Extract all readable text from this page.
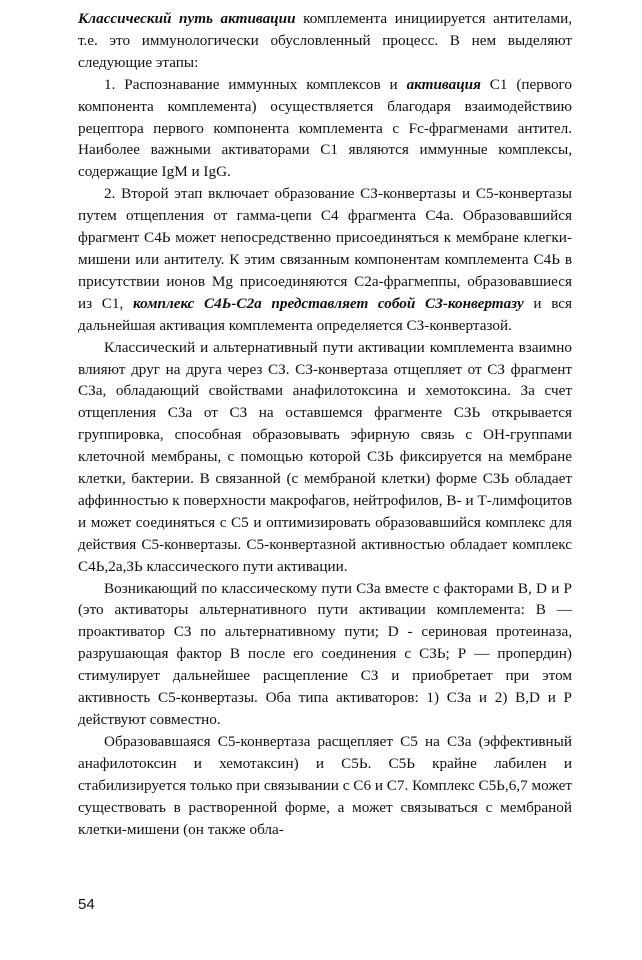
Классический путь активации комплемента инициируется антителами, т.е. это иммунологически обусловленный процесс. В нем выделяют следующие этапы:

1. Распознавание иммунных комплексов и активация С1 (первого компонента комплемента) осуществляется благодаря взаимодействию рецептора первого компонента комплемента с Fc-фрагменами антител. Наиболее важными активаторами С1 являются иммунные комплексы, содержащие IgM и IgG.

2. Второй этап включает образование СЗ-конвертазы и С5-конвертазы путем отщепления от гамма-цепи С4 фрагмента С4а. Образовавшийся фрагмент С4Ь может непосредственно присоединяться к мембране клегки-мишени или антителу. К этим связанным компонентам комплемента С4Ь в присутствии ионов Mg присоединяются С2а-фрагмеппы, образовавшиеся из С1, комплекс С4Ь-С2а представляет собой СЗ-конвертазу и вся дальнейшая активация комплемента определяется СЗ-конвертазой.

Классический и альтернативный пути активации комплемента взаимно влияют друг на друга через СЗ. СЗ-конвертаза отщепляет от СЗ фрагмент СЗа, обладающий свойствами анафилотоксина и хемотоксина. За счет отщепления СЗа от СЗ на оставшемся фрагменте СЗЬ открывается группировка, способная образовывать эфирную связь с ОН-группами клеточной мембраны, с помощью которой СЗЬ фиксируется на мембране клетки, бактерии. В связанной (с мембраной клетки) форме СЗЬ обладает аффинностью к поверхности макрофагов, нейтрофилов, В- и Т-лимфоцитов и может соединяться с С5 и оптимизировать образовавшийся комплекс для действия С5-конвертазы. С5-конвертазной активностью обладает комплекс С4Ь,2а,ЗЬ классического пути активации.

Возникающий по классическому пути СЗа вместе с факторами В, D и Р (это активаторы альтернативного пути активации комплемента: В — проактиватор СЗ по альтернативному пути; D - сериновая протеиназа, разрушающая фактор В после его соединения с СЗЬ; Р — пропердин) стимулирует дальнейшее расщепление СЗ и приобретает при этом активность С5-конвертазы. Оба типа активаторов: 1) СЗа и 2) В,D и Р действуют совместно.

Образовавшаяся С5-конвертаза расщепляет С5 на СЗа (эффективный анафилотоксин и хемотаксин) и С5Ь. С5Ь крайне лабилен и стабилизируется только при связывании с С6 и С7. Комплекс С5Ь,6,7 может существовать в растворенной форме, а может связываться с мембраной клетки-мишени (он также обла-

54
